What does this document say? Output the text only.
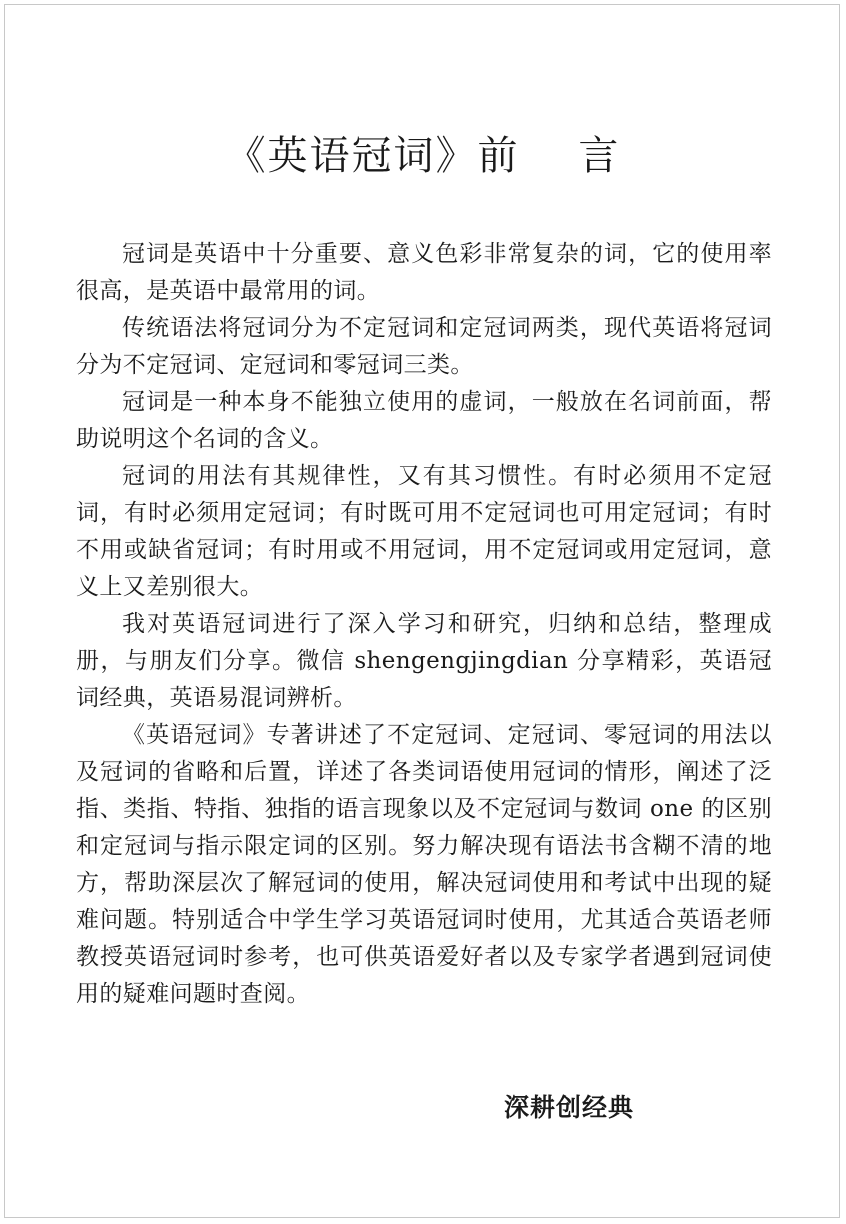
《英语冠词》前    言

冠词是英语中十分重要、意义色彩非常复杂的词，它的使用率很高，是英语中最常用的词。

传统语法将冠词分为不定冠词和定冠词两类，现代英语将冠词分为不定冠词、定冠词和零冠词三类。

冠词是一种本身不能独立使用的虚词，一般放在名词前面，帮助说明这个名词的含义。

冠词的用法有其规律性，又有其习惯性。有时必须用不定冠词，有时必须用定冠词；有时既可用不定冠词也可用定冠词；有时不用或缺省冠词；有时用或不用冠词，用不定冠词或用定冠词，意义上又差别很大。

我对英语冠词进行了深入学习和研究，归纳和总结，整理成册，与朋友们分享。微信 shengengjingdian 分享精彩，英语冠词经典，英语易混词辨析。

《英语冠词》专著讲述了不定冠词、定冠词、零冠词的用法以及冠词的省略和后置，详述了各类词语使用冠词的情形，阐述了泛指、类指、特指、独指的语言现象以及不定冠词与数词 one 的区别和定冠词与指示限定词的区别。努力解决现有语法书含糊不清的地方，帮助深层次了解冠词的使用，解决冠词使用和考试中出现的疑难问题。特别适合中学生学习英语冠词时使用，尤其适合英语老师教授英语冠词时参考，也可供英语爱好者以及专家学者遇到冠词使用的疑难问题时查阅。

深耕创经典
